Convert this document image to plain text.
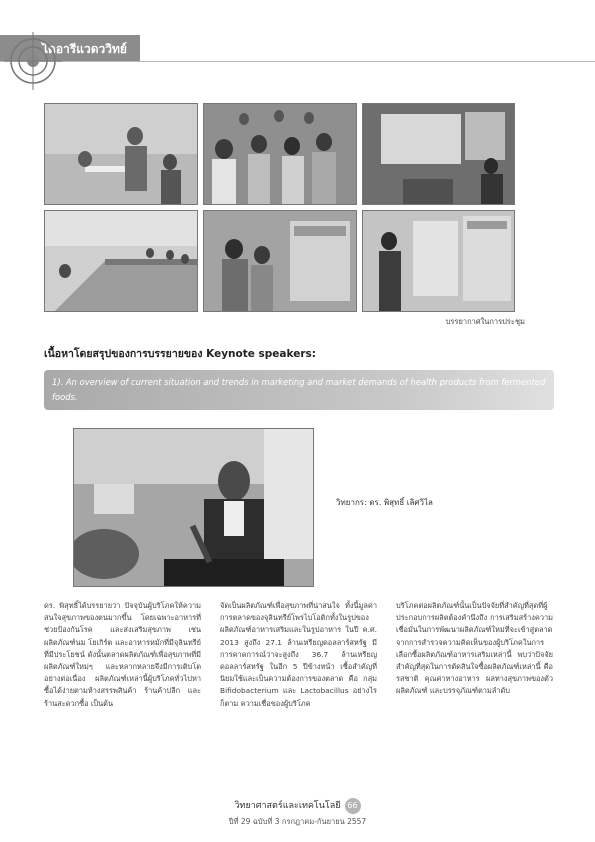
ไดอารีแวดววิทย์
บรรยากาศในการประชุม
เนื้อหาโดยสรุปของการบรรยายของ Keynote speakers:
1). An overview of current situation and trends in marketing and market demands of health products from fermented foods.
วิทยากร: ดร. พิสุทธิ์ เลิศวิไล
ดร. พิสุทธิ์ได้บรรยายว่า ปัจจุบันผู้บริโภคให้ความสนใจสุขภาพของตนมากขึ้น โดยเฉพาะอาหารที่ช่วยป้องกันโรค และส่งเสริมสุขภาพ เช่น ผลิตภัณฑ์นม โยเกิร์ต และอาหารหมักที่มีจุลินทรีย์ที่มีประโยชน์ ดังนั้นตลาดผลิตภัณฑ์เพื่อสุขภาพที่มีผลิตภัณฑ์ใหม่ๆ และหลากหลายจึงมีการเติบโตอย่างต่อเนื่อง ผลิตภัณฑ์เหล่านี้ผู้บริโภคทั่วไปหาซื้อได้ง่ายตามห้างสรรพสินค้า ร้านค้าปลีก และร้านสะดวกซื้อ เป็นต้น
จัดเป็นผลิตภัณฑ์เพื่อสุขภาพที่น่าสนใจ ทั้งนี้มูลค่าการตลาดของจุลินทรีย์โพรไบโอติกทั้งในรูปของผลิตภัณฑ์อาหารเสริมและในรูปอาหาร ในปี ค.ศ. 2013 สูงถึง 27.1 ล้านเหรียญดอลลาร์สหรัฐ มีการคาดการณ์ว่าจะสูงถึง 36.7 ล้านเหรียญดอลลาร์สหรัฐ ในอีก 5 ปีข้างหน้า เชื้อสำคัญที่นิยมใช้และเป็นความต้องการของตลาด คือ กลุ่ม Bifidobacterium และ Lactobacillus อย่างไรก็ตาม ความเชื่อของผู้บริโภค
บริโภคต่อผลิตภัณฑ์นั้นเป็นปัจจัยที่สำคัญที่สุดที่ผู้ประกอบการผลิตต้องคำนึงถึง การเสริมสร้างความเชื่อมั่นในการพัฒนาผลิตภัณฑ์ใหม่ที่จะเข้าสู่ตลาด จากการสำรวจความคิดเห็นของผู้บริโภคในการเลือกซื้อผลิตภัณฑ์อาหารเสริมเหล่านี้ พบว่าปัจจัยสำคัญที่สุดในการตัดสินใจซื้อผลิตภัณฑ์เหล่านี้ คือ รสชาติ คุณค่าทางอาหาร ผลทางสุขภาพของตัวผลิตภัณฑ์ และบรรจุภัณฑ์ตามลำดับ
วิทยาศาสตร์และเทคโนโลยี 66
ปีที่ 29 ฉบับที่ 3 กรกฎาคม-กันยายน 2557
